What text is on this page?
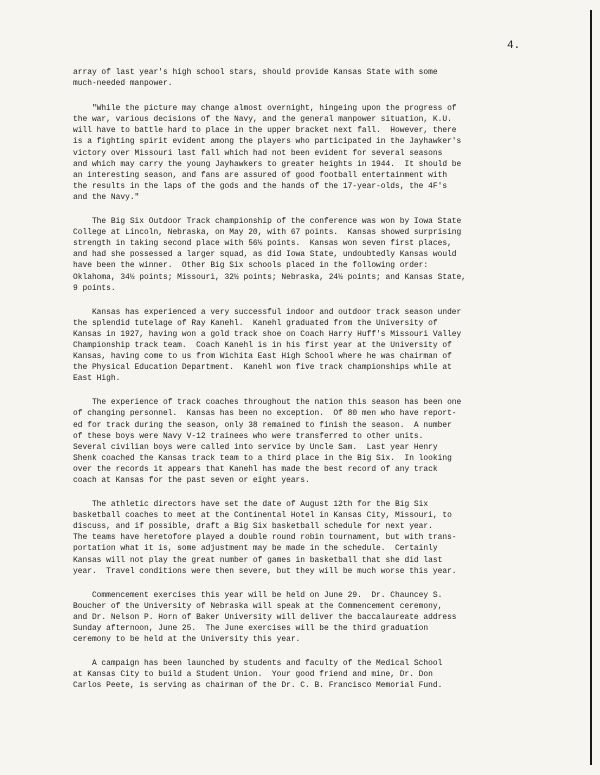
4.

array of last year's high school stars, should provide Kansas State with some
much-needed manpower.

"While the picture may change almost overnight, hingeing upon the progress of
the war, various decisions of the Navy, and the general manpower situation, K.U.
will have to battle hard to place in the upper bracket next fall.  However, there
is a fighting spirit evident among the players who participated in the Jayhawker's
victory over Missouri last fall which had not been evident for several seasons
and which may carry the young Jayhawkers to greater heights in 1944.  It should be
an interesting season, and fans are assured of good football entertainment with
the results in the laps of the gods and the hands of the 17-year-olds, the 4F's
and the Navy."

The Big Six Outdoor Track championship of the conference was won by Iowa State
College at Lincoln, Nebraska, on May 20, with 67 points.  Kansas showed surprising
strength in taking second place with 56½ points.  Kansas won seven first places,
and had she possessed a larger squad, as did Iowa State, undoubtedly Kansas would
have been the winner.  Other Big Six schools placed in the following order:
Oklahoma, 34½ points; Missouri, 32½ points; Nebraska, 24½ points; and Kansas State,
9 points.

Kansas has experienced a very successful indoor and outdoor track season under
the splendid tutelage of Ray Kanehl.  Kanehl graduated from the University of
Kansas in 1927, having won a gold track shoe on Coach Harry Huff's Missouri Valley
Championship track team.  Coach Kanehl is in his first year at the University of
Kansas, having come to us from Wichita East High School where he was chairman of
the Physical Education Department.  Kanehl won five track championships while at
East High.

The experience of track coaches throughout the nation this season has been one
of changing personnel.  Kansas has been no exception.  Of 80 men who have report-
ed for track during the season, only 38 remained to finish the season.  A number
of these boys were Navy V-12 trainees who were transferred to other units.
Several civilian boys were called into service by Uncle Sam.  Last year Henry
Shenk coached the Kansas track team to a third place in the Big Six.  In looking
over the records it appears that Kanehl has made the best record of any track
coach at Kansas for the past seven or eight years.

The athletic directors have set the date of August 12th for the Big Six
basketball coaches to meet at the Continental Hotel in Kansas City, Missouri, to
discuss, and if possible, draft a Big Six basketball schedule for next year.
The teams have heretofore played a double round robin tournament, but with trans-
portation what it is, some adjustment may be made in the schedule.  Certainly
Kansas will not play the great number of games in basketball that she did last
year.  Travel conditions were then severe, but they will be much worse this year.

Commencement exercises this year will be held on June 29.  Dr. Chauncey S.
Boucher of the University of Nebraska will speak at the Commencement ceremony,
and Dr. Nelson P. Horn of Baker University will deliver the baccalaureate address
Sunday afternoon, June 25.  The June exercises will be the third graduation
ceremony to be held at the University this year.

A campaign has been launched by students and faculty of the Medical School
at Kansas City to build a Student Union.  Your good friend and mine, Dr. Don
Carlos Peete, is serving as chairman of the Dr. C. B. Francisco Memorial Fund.
